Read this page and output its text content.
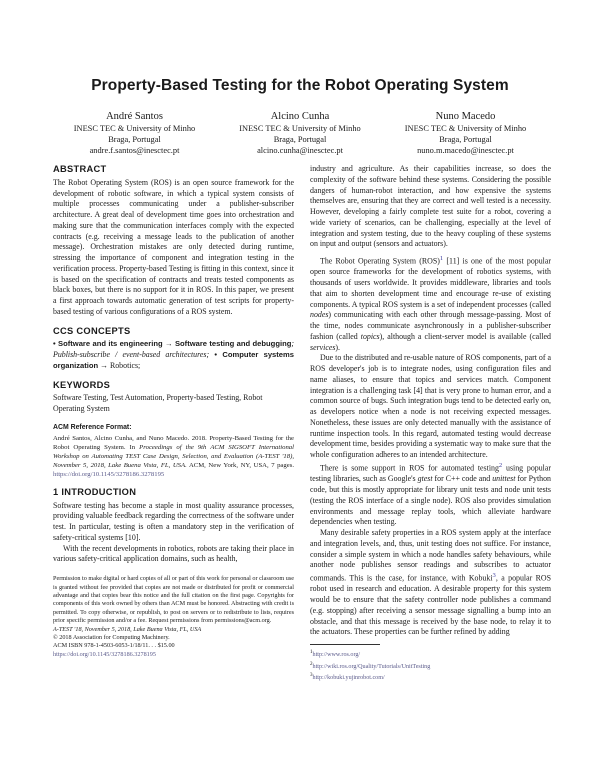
Property-Based Testing for the Robot Operating System
André Santos
INESC TEC & University of Minho
Braga, Portugal
andre.f.santos@inesctec.pt
Alcino Cunha
INESC TEC & University of Minho
Braga, Portugal
alcino.cunha@inesctec.pt
Nuno Macedo
INESC TEC & University of Minho
Braga, Portugal
nuno.m.macedo@inesctec.pt
ABSTRACT

The Robot Operating System (ROS) is an open source framework for the development of robotic software, in which a typical system consists of multiple processes communicating under a publisher-subscriber architecture. A great deal of development time goes into orchestration and making sure that the communication interfaces comply with the expected contracts (e.g. receiving a message leads to the publication of another message). Orchestration mistakes are only detected during runtime, stressing the importance of component and integration testing in the verification process. Property-based Testing is fitting in this context, since it is based on the specification of contracts and treats tested components as black boxes, but there is no support for it in ROS. In this paper, we present a first approach towards automatic generation of test scripts for property-based testing of various configurations of a ROS system.

CCS CONCEPTS

• Software and its engineering → Software testing and debugging; Publish-subscribe / event-based architectures; • Computer systems organization → Robotics;

KEYWORDS

Software Testing, Test Automation, Property-based Testing, Robot Operating System

ACM Reference Format:

André Santos, Alcino Cunha, and Nuno Macedo. 2018. Property-Based Testing for the Robot Operating System. In Proceedings of the 9th ACM SIGSOFT International Workshop on Automating TEST Case Design, Selection, and Evaluation (A-TEST '18), November 5, 2018, Lake Buena Vista, FL, USA. ACM, New York, NY, USA, 7 pages. https://doi.org/10.1145/3278186.3278195

1 INTRODUCTION

Software testing has become a staple in most quality assurance processes, providing valuable feedback regarding the correctness of the software under test. In particular, testing is often a mandatory step in the verification of safety-critical systems [10].

With the recent developments in robotics, robots are taking their place in various safety-critical application domains, such as health,

Permission to make digital or hard copies of all or part of this work for personal or classroom use is granted without fee provided that copies are not made or distributed for profit or commercial advantage and that copies bear this notice and the full citation on the first page. Copyrights for components of this work owned by others than ACM must be honored. Abstracting with credit is permitted. To copy otherwise, or republish, to post on servers or to redistribute to lists, requires prior specific permission and/or a fee. Request permissions from permissions@acm.org.

A-TEST '18, November 5, 2018, Lake Buena Vista, FL, USA

© 2018 Association for Computing Machinery.

ACM ISBN 978-1-4503-6053-1/18/11. . . $15.00

https://doi.org/10.1145/3278186.3278195

industry and agriculture. As their capabilities increase, so does the complexity of the software behind these systems. Considering the possible dangers of human-robot interaction, and how expensive the systems themselves are, ensuring that they are correct and well tested is a necessity. However, developing a fairly complete test suite for a robot, covering a wide variety of scenarios, can be challenging, especially at the level of integration and system testing, due to the heavy coupling of these systems on input and output (sensors and actuators).

The Robot Operating System (ROS)$^1$ [11] is one of the most popular open source frameworks for the development of robotics systems, with thousands of users worldwide. It provides middleware, libraries and tools that aim to shorten development time and encourage re-use of existing components. A typical ROS system is a set of independent processes (called nodes) communicating with each other through message-passing. Most of the time, nodes communicate asynchronously in a publisher-subscriber fashion (called topics), although a client-server model is available (called services).

Due to the distributed and re-usable nature of ROS components, part of a ROS developer's job is to integrate nodes, using configuration files and name aliases, to ensure that topics and services match. Component integration is a challenging task [4] that is very prone to human error, and a common source of bugs. Such integration bugs tend to be detected early on, as developers notice when a node is not receiving expected messages. Nonetheless, these issues are only detected manually with the assistance of runtime inspection tools. In this regard, automated testing would decrease development time, besides providing a systematic way to make sure that the whole configuration adheres to an intended architecture.

There is some support in ROS for automated testing$^2$ using popular testing libraries, such as Google's gtest for C++ code and unittest for Python code, but this is mostly appropriate for library unit tests and node unit tests (testing the ROS interface of a single node). ROS also provides simulation environments and message replay tools, which alleviate hardware dependencies when testing.

Many desirable safety properties in a ROS system apply at the interface and integration levels, and, thus, unit testing does not suffice. For instance, consider a simple system in which a node handles safety behaviours, while another node publishes sensor readings and subscribes to actuator commands. This is the case, for instance, with Kobuki$^3$, a popular ROS robot used in research and education. A desirable property for this system would be to ensure that the safety controller node publishes a command (e.g. stopping) after receiving a sensor message signalling a bump into an obstacle, and that this message is received by the base node, to relay it to the actuators. These properties can be further refined by adding

$^1$http://www.ros.org/

$^2$http://wiki.ros.org/Quality/Tutorials/UnitTesting

$^3$http://kobuki.yujinrobot.com/
